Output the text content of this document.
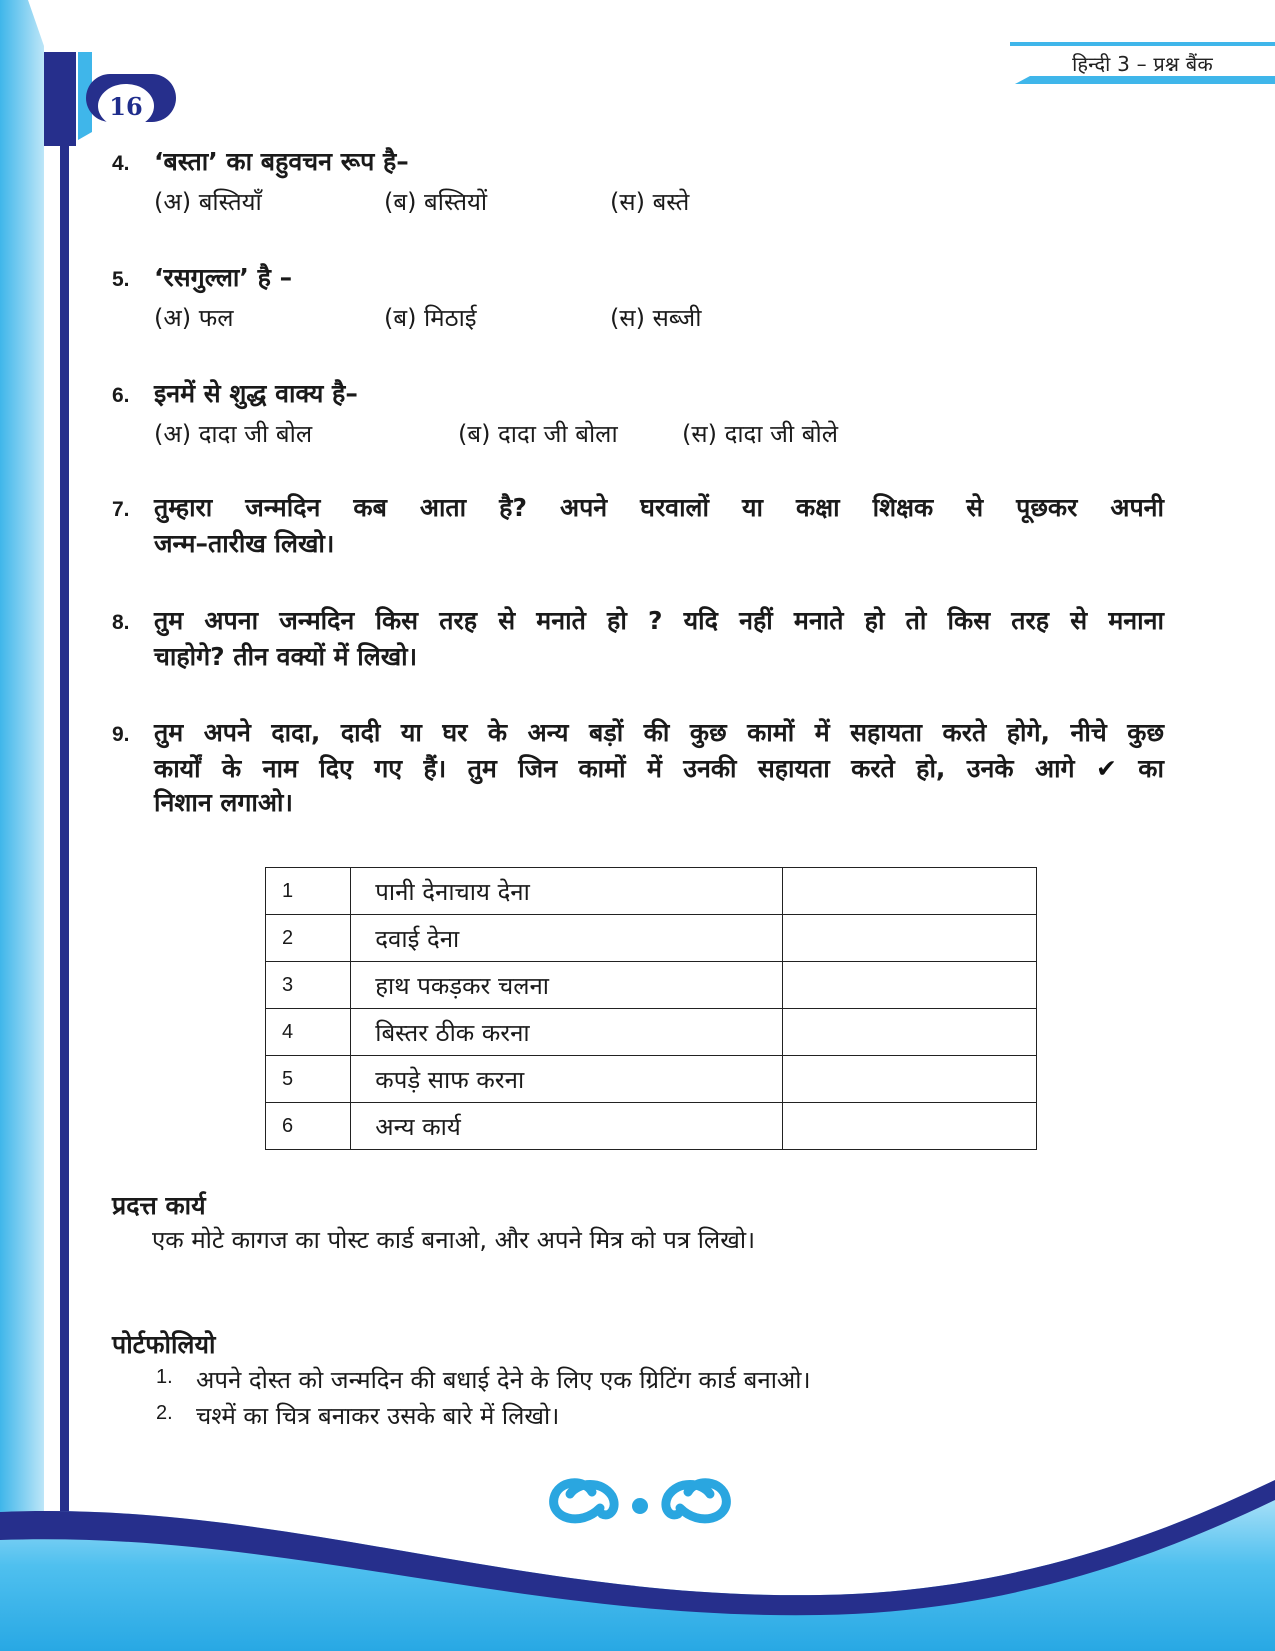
हिन्दी 3 – प्रश्न बैंक
16
4. ‘बस्ता’ का बहुवचन रूप है–
(अ) बस्तियाँ	(ब) बस्तियों	(स) बस्ते
5. ‘रसगुल्ला’ है –
(अ) फल	(ब) मिठाई	(स) सब्जी
6. इनमें से शुद्ध वाक्य है–
(अ) दादा जी बोल	(ब) दादा जी बोला	(स) दादा जी बोले
7. तुम्हारा जन्मदिन कब आता है? अपने घरवालों या कक्षा शिक्षक से पूछकर अपनी
जन्म–तारीख लिखो।
8. तुम अपना जन्मदिन किस तरह से मनाते हो ? यदि नहीं मनाते हो तो किस तरह से मनाना
चाहोगे? तीन वक्यों में लिखो।
9. तुम अपने दादा, दादी या घर के अन्य बड़ों की कुछ कामों में सहायता करते होगे, नीचे कुछ
कार्यों के नाम दिए गए हैं। तुम जिन कामों में उनकी सहायता करते हो, उनके आगे ✔ का
निशान लगाओ।
1	पानी देनाचाय देना	
2	दवाई देना	
3	हाथ पकड़कर चलना	
4	बिस्तर ठीक करना	
5	कपड़े साफ करना	
6	अन्य कार्य	
प्रदत्त कार्य
एक मोटे कागज का पोस्ट कार्ड बनाओ, और अपने मित्र को पत्र लिखो।
पोर्टफोलियो
1. अपने दोस्त को जन्मदिन की बधाई देने के लिए एक ग्रिटिंग कार्ड बनाओ।
2. चश्में का चित्र बनाकर उसके बारे में लिखो।
